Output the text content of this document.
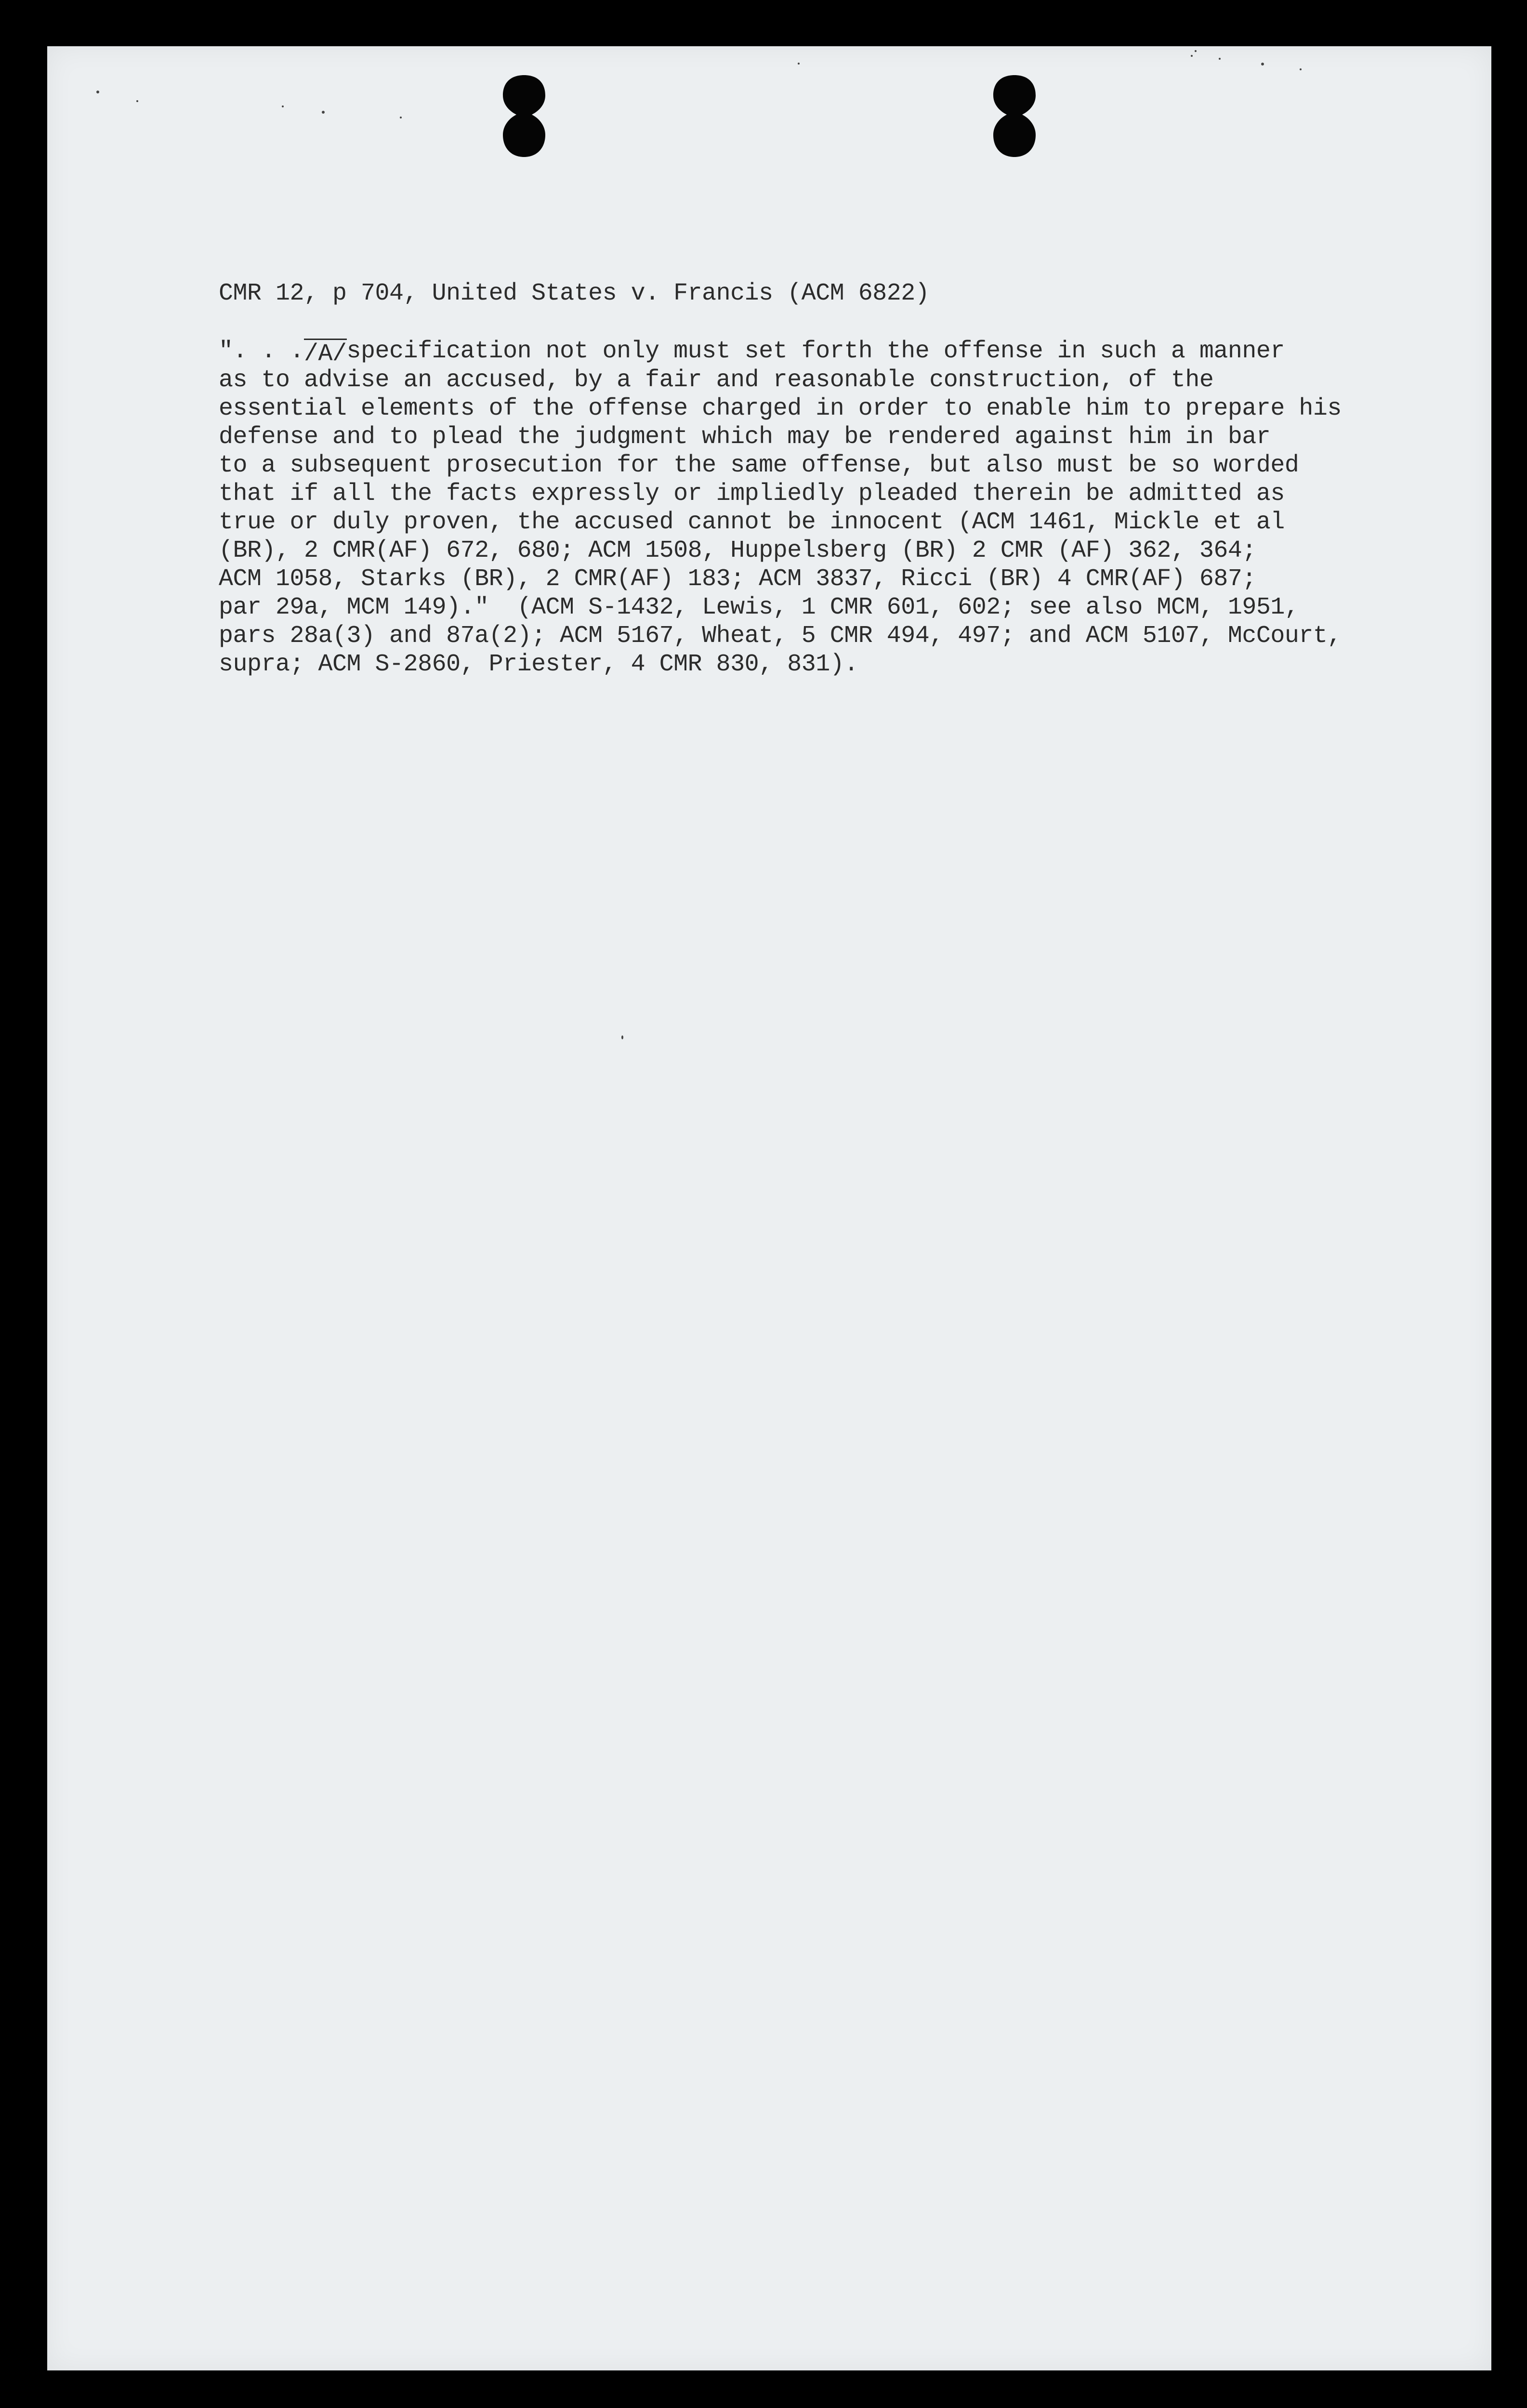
CMR 12, p 704, United States v. Francis (ACM 6822)

". . ./A/specification not only must set forth the offense in such a manner

as to advise an accused, by a fair and reasonable construction, of the

essential elements of the offense charged in order to enable him to prepare his

defense and to plead the judgment which may be rendered against him in bar

to a subsequent prosecution for the same offense, but also must be so worded

that if all the facts expressly or impliedly pleaded therein be admitted as

true or duly proven, the accused cannot be innocent (ACM 1461, Mickle et al

(BR), 2 CMR(AF) 672, 680; ACM 1508, Huppelsberg (BR) 2 CMR (AF) 362, 364;

ACM 1058, Starks (BR), 2 CMR(AF) 183; ACM 3837, Ricci (BR) 4 CMR(AF) 687;

par 29a, MCM 149)."  (ACM S-1432, Lewis, 1 CMR 601, 602; see also MCM, 1951,

pars 28a(3) and 87a(2); ACM 5167, Wheat, 5 CMR 494, 497; and ACM 5107, McCourt,

supra; ACM S-2860, Priester, 4 CMR 830, 831).
